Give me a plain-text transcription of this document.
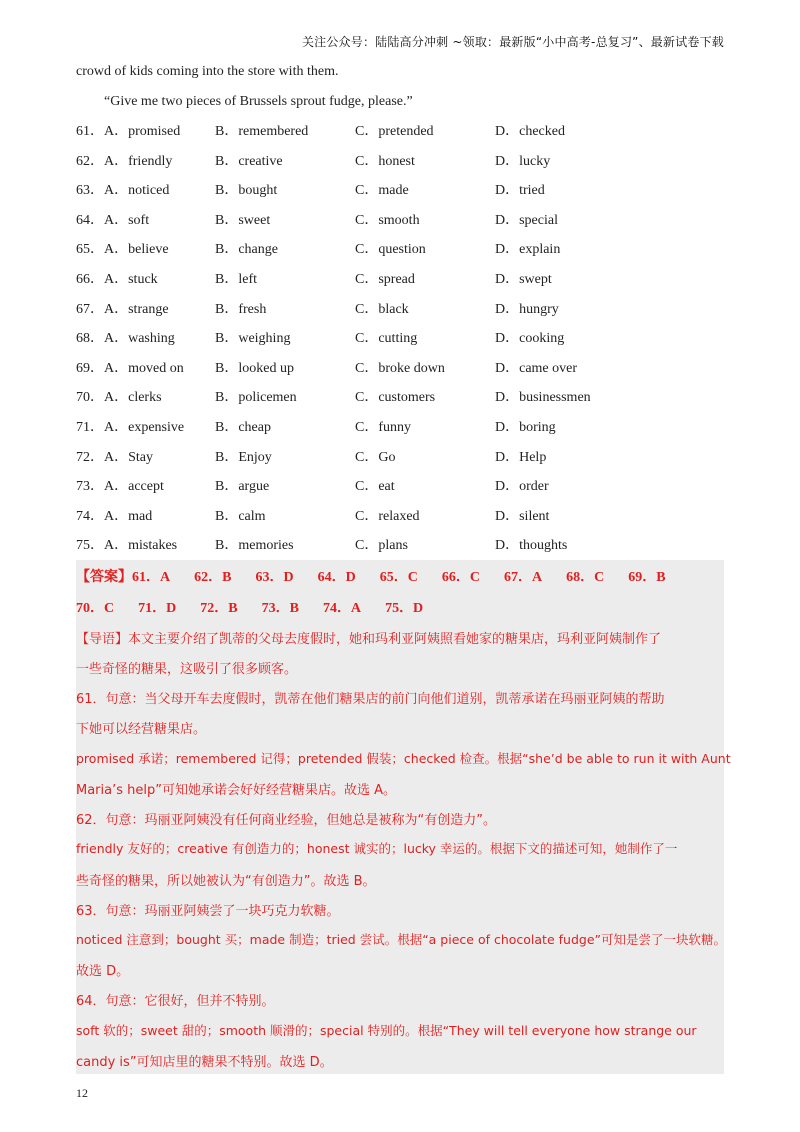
关注公众号：陆陆高分冲刺 ~领取：最新版“小中高考-总复习”、最新试卷下载
crowd of kids coming into the store with them.
“Give me two pieces of Brussels sprout fudge, please.”
61．A．promised B．remembered	C．pretended	D．checked
62．A．friendly	B．creative	C．honest	D．lucky
63．A．noticed	B．bought	C．made	D．tried
64．A．soft	B．sweet	C．smooth	D．special
65．A．believe	B．change	C．question	D．explain
66．A．stuck	B．left	C．spread	D．swept
67．A．strange	B．fresh	C．black	D．hungry
68．A．washing	B．weighing	C．cutting	D．cooking
69．A．moved on B．looked up	C．broke down	D．came over
70．A．clerks	B．policemen	C．customers	D．businessmen
71．A．expensive B．cheap	C．funny	D．boring
72．A．Stay	B．Enjoy	C．Go	D．Help
73．A．accept	B．argue	C．eat	D．order
74．A．mad	B．calm	C．relaxed	D．silent
75．A．mistakes	B．memories	C．plans	D．thoughts
【答案】61．A 62．B 63．D 64．D 65．C 66．C 67．A 68．C 69．B
70．C 71．D 72．B 73．B 74．A 75．D
【导语】本文主要介绍了凯蒂的父母去度假时，她和玛利亚阿姨照看她家的糖果店，玛利亚阿姨制作了
一些奇怪的糖果，这吸引了很多顾客。
61．句意：当父母开车去度假时，凯蒂在他们糖果店的前门向他们道别，凯蒂承诺在玛丽亚阿姨的帮助
下她可以经营糖果店。
promised 承诺；remembered 记得；pretended 假装；checked 检查。根据“she’d be able to run it with Aunt
Maria’s help”可知她承诺会好好经营糖果店。故选 A。
62．句意：玛丽亚阿姨没有任何商业经验，但她总是被称为“有创造力”。
friendly 友好的；creative 有创造力的；honest 诚实的；lucky 幸运的。根据下文的描述可知，她制作了一
些奇怪的糖果，所以她被认为“有创造力”。故选 B。
63．句意：玛丽亚阿姨尝了一块巧克力软糖。
noticed 注意到；bought 买；made 制造；tried 尝试。根据“a piece of chocolate fudge”可知是尝了一块软糖。
故选 D。
64．句意：它很好，但并不特别。
soft 软的；sweet 甜的；smooth 顺滑的；special 特别的。根据“They will tell everyone how strange our
candy is”可知店里的糖果不特别。故选 D。
12
